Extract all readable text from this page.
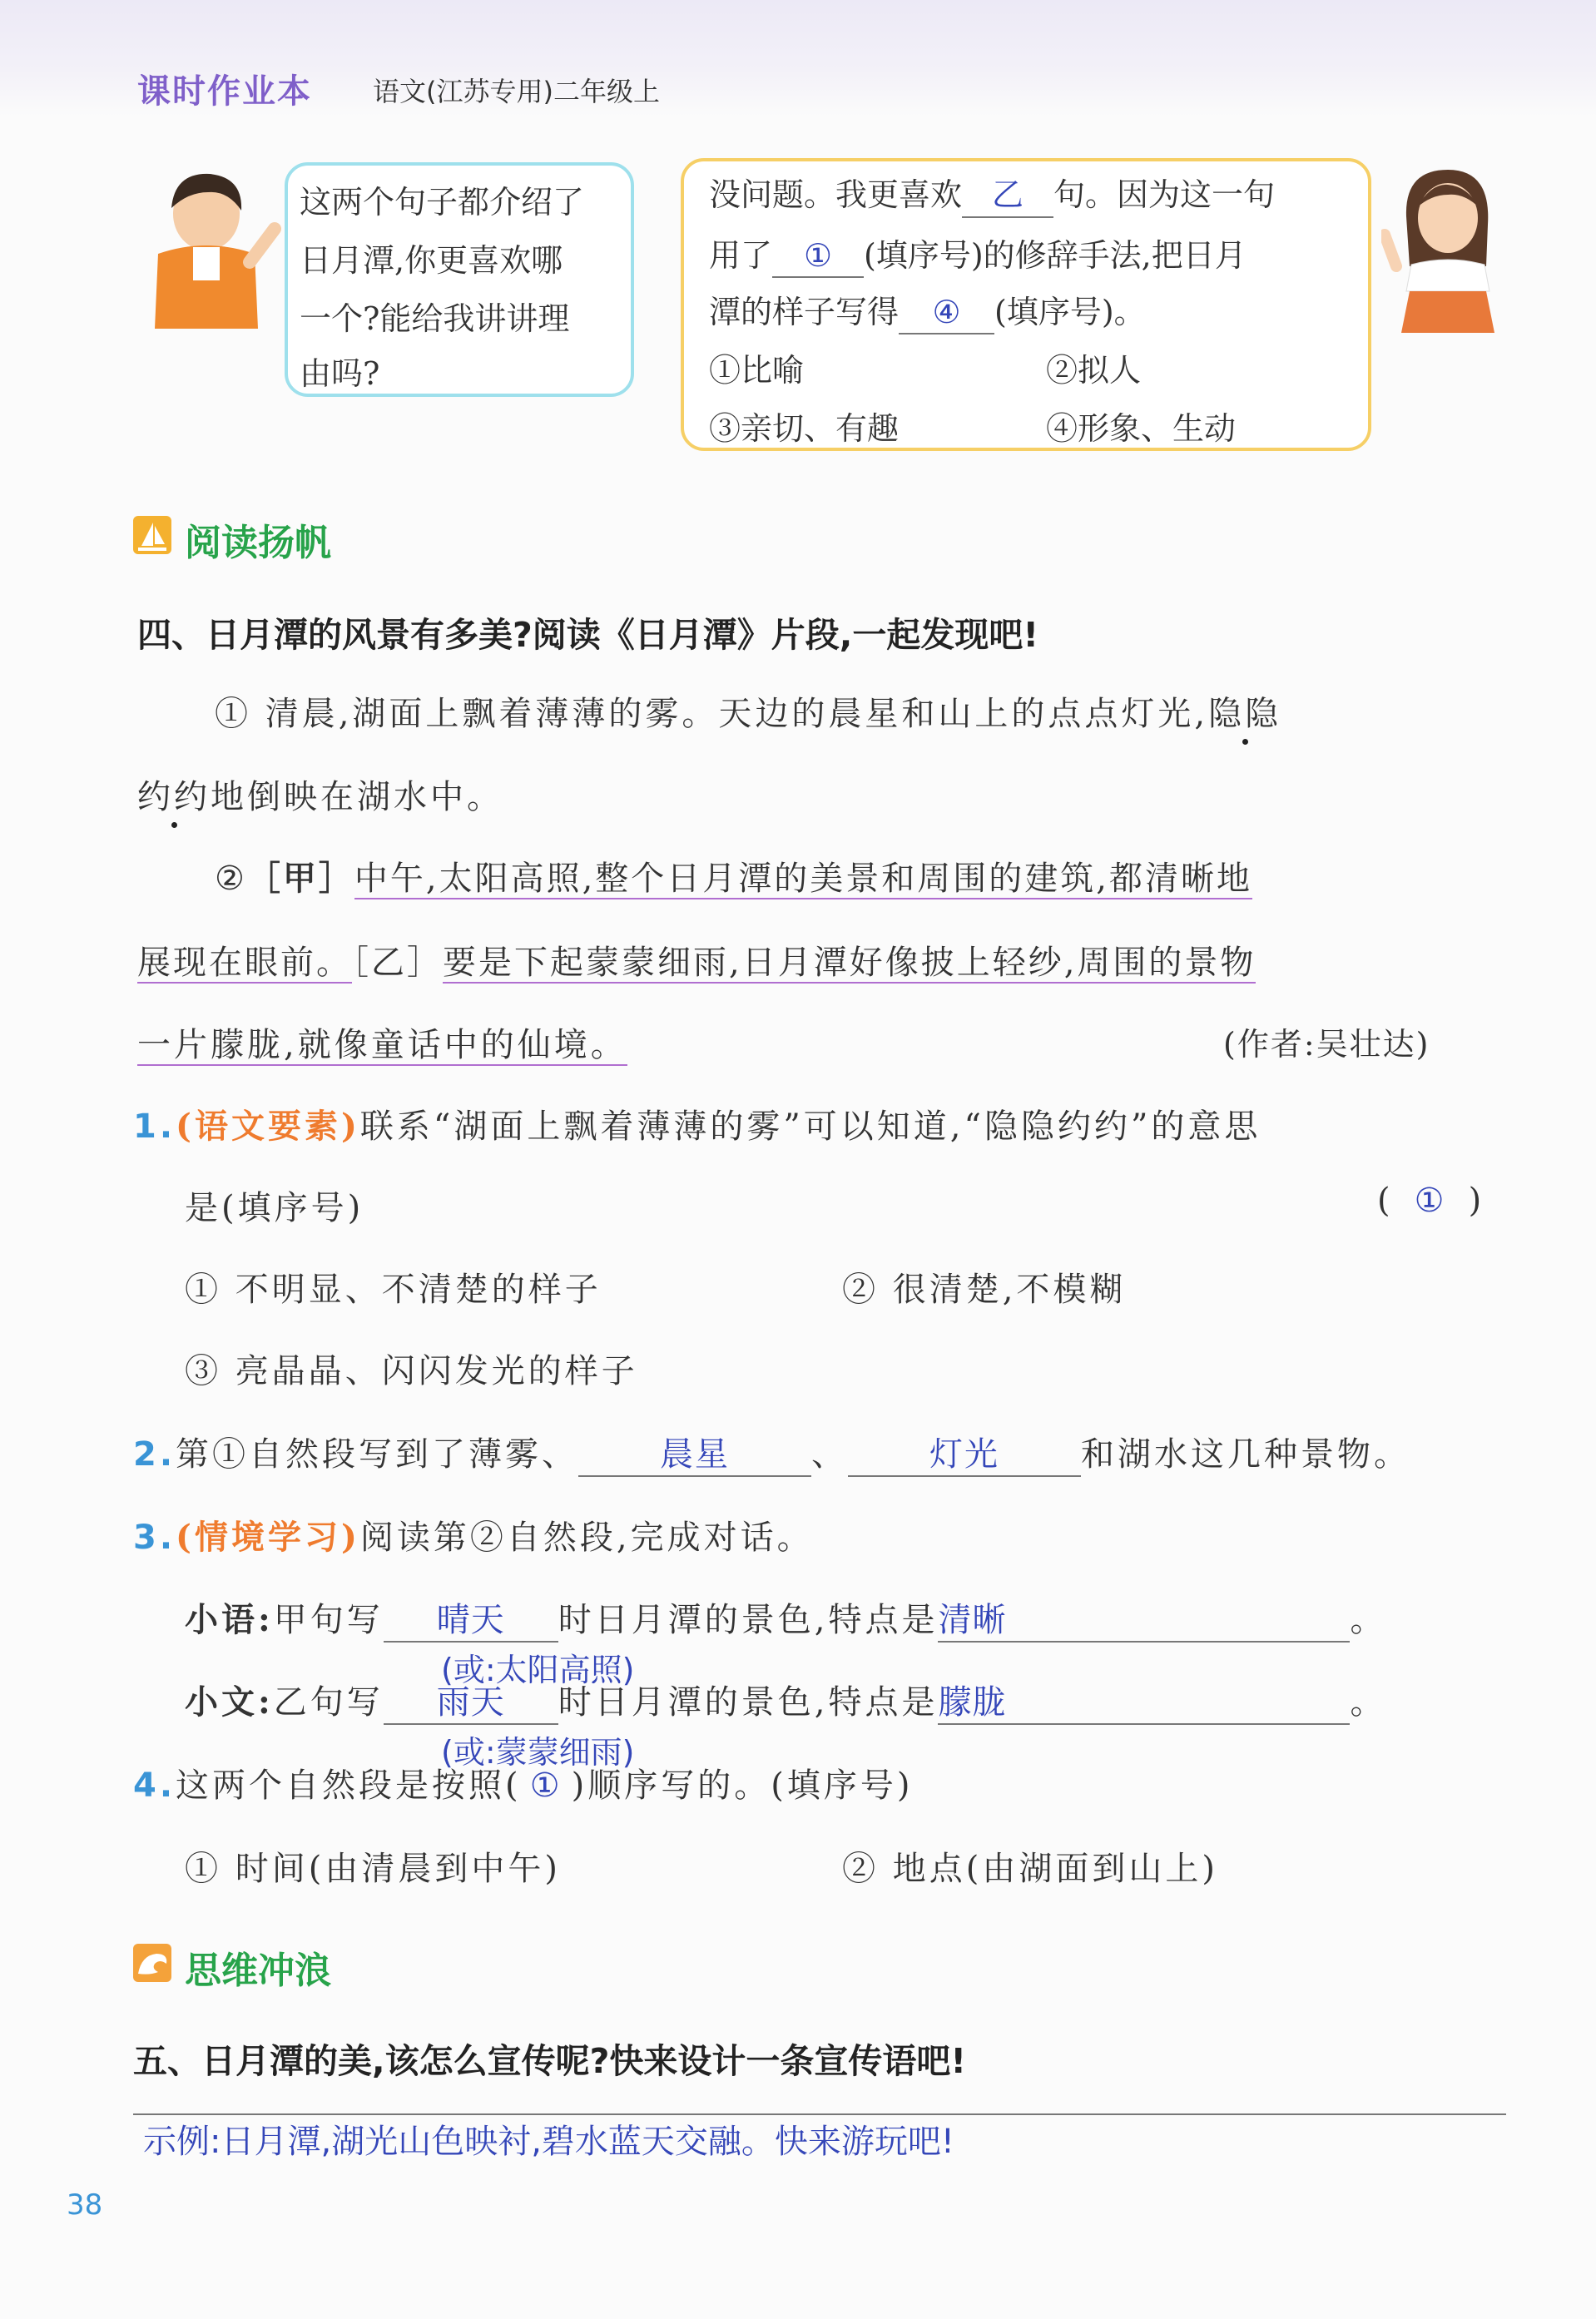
课时作业本 语文(江苏专用)二年级上
这两个句子都介绍了
日月潭,你更喜欢哪
一个?能给我讲讲理
由吗?
没问题。我更喜欢 乙 句。因为这一句
用了 ① (填序号)的修辞手法,把日月
潭的样子写得 ④ (填序号)。
①比喻	②拟人
③亲切、有趣	④形象、生动
阅读扬帆
四、日月潭的风景有多美?阅读《日月潭》片段,一起发现吧!
① 清晨,湖面上飘着薄薄的雾。天边的晨星和山上的点点灯光,隐隐
约约地倒映在湖水中。
②［甲］中午,太阳高照,整个日月潭的美景和周围的建筑,都清晰地
展现在眼前。［乙］要是下起蒙蒙细雨,日月潭好像披上轻纱,周围的景物
一片朦胧,就像童话中的仙境。	(作者:吴壮达)
1.(语文要素)联系“湖面上飘着薄薄的雾”可以知道,“隐隐约约”的意思
是(填序号)	( ① )
① 不明显、不清楚的样子	② 很清楚,不模糊
③ 亮晶晶、闪闪发光的样子
2.第①自然段写到了薄雾、 晨星 、 灯光 和湖水这几种景物。
3.(情境学习)阅读第②自然段,完成对话。
小语:甲句写 晴天 时日月潭的景色,特点是清晰	。
(或:太阳高照)
小文:乙句写 雨天 时日月潭的景色,特点是朦胧	。
(或:蒙蒙细雨)
4.这两个自然段是按照( ① )顺序写的。(填序号)
① 时间(由清晨到中午)	② 地点(由湖面到山上)
思维冲浪
五、日月潭的美,该怎么宣传呢?快来设计一条宣传语吧!
示例:日月潭,湖光山色映衬,碧水蓝天交融。快来游玩吧!
38
